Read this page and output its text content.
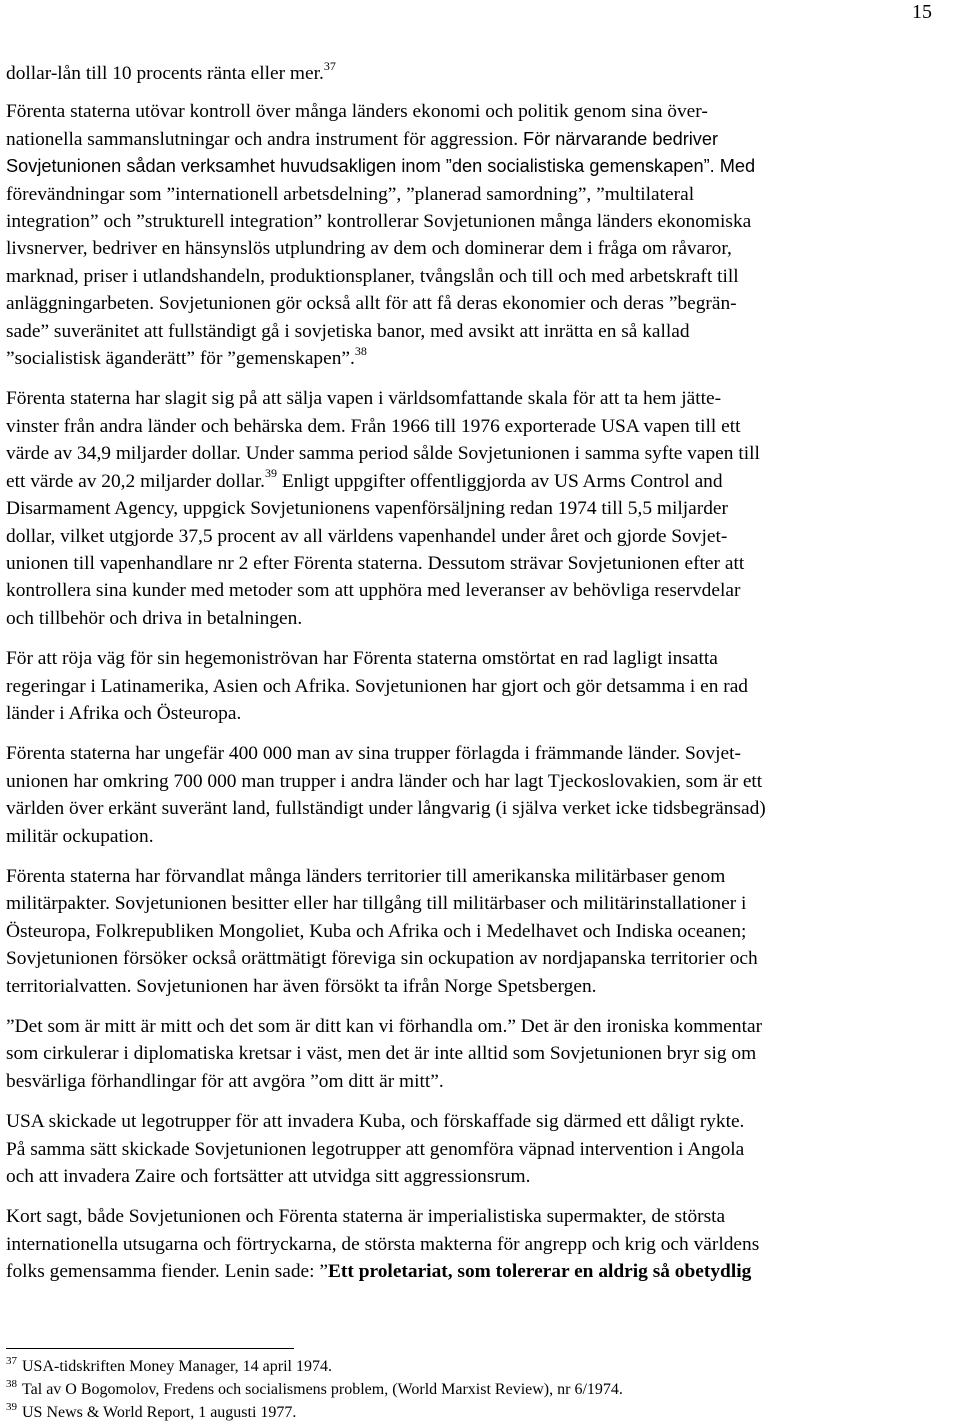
15
dollar-lån till 10 procents ränta eller mer.$^{37}$
Förenta staterna utövar kontroll över många länders ekonomi och politik genom sina över-
nationella sammanslutningar och andra instrument för aggression. För närvarande bedriver
Sovjetunionen sådan verksamhet huvudsakligen inom ”den socialistiska gemenskapen”. Med
förevändningar som ”internationell arbetsdelning”, ”planerad samordning”, ”multilateral
integration” och ”strukturell integration” kontrollerar Sovjetunionen många länders ekonomiska
livsnerver, bedriver en hänsynslös utplundring av dem och dominerar dem i fråga om råvaror,
marknad, priser i utlandshandeln, produktionsplaner, tvångslån och till och med arbetskraft till
anläggningarbeten. Sovjetunionen gör också allt för att få deras ekonomier och deras ”begrän-
sade” suveränitet att fullständigt gå i sovjetiska banor, med avsikt att inrätta en så kallad
”socialistisk äganderätt” för ”gemenskapen”.$^{38}$
Förenta staterna har slagit sig på att sälja vapen i världsomfattande skala för att ta hem jätte-
vinster från andra länder och behärska dem. Från 1966 till 1976 exporterade USA vapen till ett
värde av 34,9 miljarder dollar. Under samma period sålde Sovjetunionen i samma syfte vapen till
ett värde av 20,2 miljarder dollar.$^{39}$ Enligt uppgifter offentliggjorda av US Arms Control and
Disarmament Agency, uppgick Sovjetunionens vapenförsäljning redan 1974 till 5,5 miljarder
dollar, vilket utgjorde 37,5 procent av all världens vapenhandel under året och gjorde Sovjet-
unionen till vapenhandlare nr 2 efter Förenta staterna. Dessutom strävar Sovjetunionen efter att
kontrollera sina kunder med metoder som att upphöra med leveranser av behövliga reservdelar
och tillbehör och driva in betalningen.
För att röja väg för sin hegemoniströvan har Förenta staterna omstörtat en rad lagligt insatta
regeringar i Latinamerika, Asien och Afrika. Sovjetunionen har gjort och gör detsamma i en rad
länder i Afrika och Östeuropa.
Förenta staterna har ungefär 400 000 man av sina trupper förlagda i främmande länder. Sovjet-
unionen har omkring 700 000 man trupper i andra länder och har lagt Tjeckoslovakien, som är ett
världen över erkänt suveränt land, fullständigt under långvarig (i själva verket icke tidsbegränsad)
militär ockupation.
Förenta staterna har förvandlat många länders territorier till amerikanska militärbaser genom
militärpakter. Sovjetunionen besitter eller har tillgång till militärbaser och militärinstallationer i
Östeuropa, Folkrepubliken Mongoliet, Kuba och Afrika och i Medelhavet och Indiska oceanen;
Sovjetunionen försöker också orättmätigt föreviga sin ockupation av nordjapanska territorier och
territorialvatten. Sovjetunionen har även försökt ta ifrån Norge Spetsbergen.
”Det som är mitt är mitt och det som är ditt kan vi förhandla om.” Det är den ironiska kommentar
som cirkulerar i diplomatiska kretsar i väst, men det är inte alltid som Sovjetunionen bryr sig om
besvärliga förhandlingar för att avgöra ”om ditt är mitt”.
USA skickade ut legotrupper för att invadera Kuba, och förskaffade sig därmed ett dåligt rykte.
På samma sätt skickade Sovjetunionen legotrupper att genomföra väpnad intervention i Angola
och att invadera Zaire och fortsätter att utvidga sitt aggressionsrum.
Kort sagt, både Sovjetunionen och Förenta staterna är imperialistiska supermakter, de största
internationella utsugarna och förtryckarna, de största makterna för angrepp och krig och världens
folks gemensamma fiender. Lenin sade: ”Ett proletariat, som tolererar en aldrig så obetydlig
$^{37}$ USA-tidskriften Money Manager, 14 april 1974.
$^{38}$ Tal av O Bogomolov, Fredens och socialismens problem, (World Marxist Review), nr 6/1974.
$^{39}$ US News & World Report, 1 augusti 1977.
